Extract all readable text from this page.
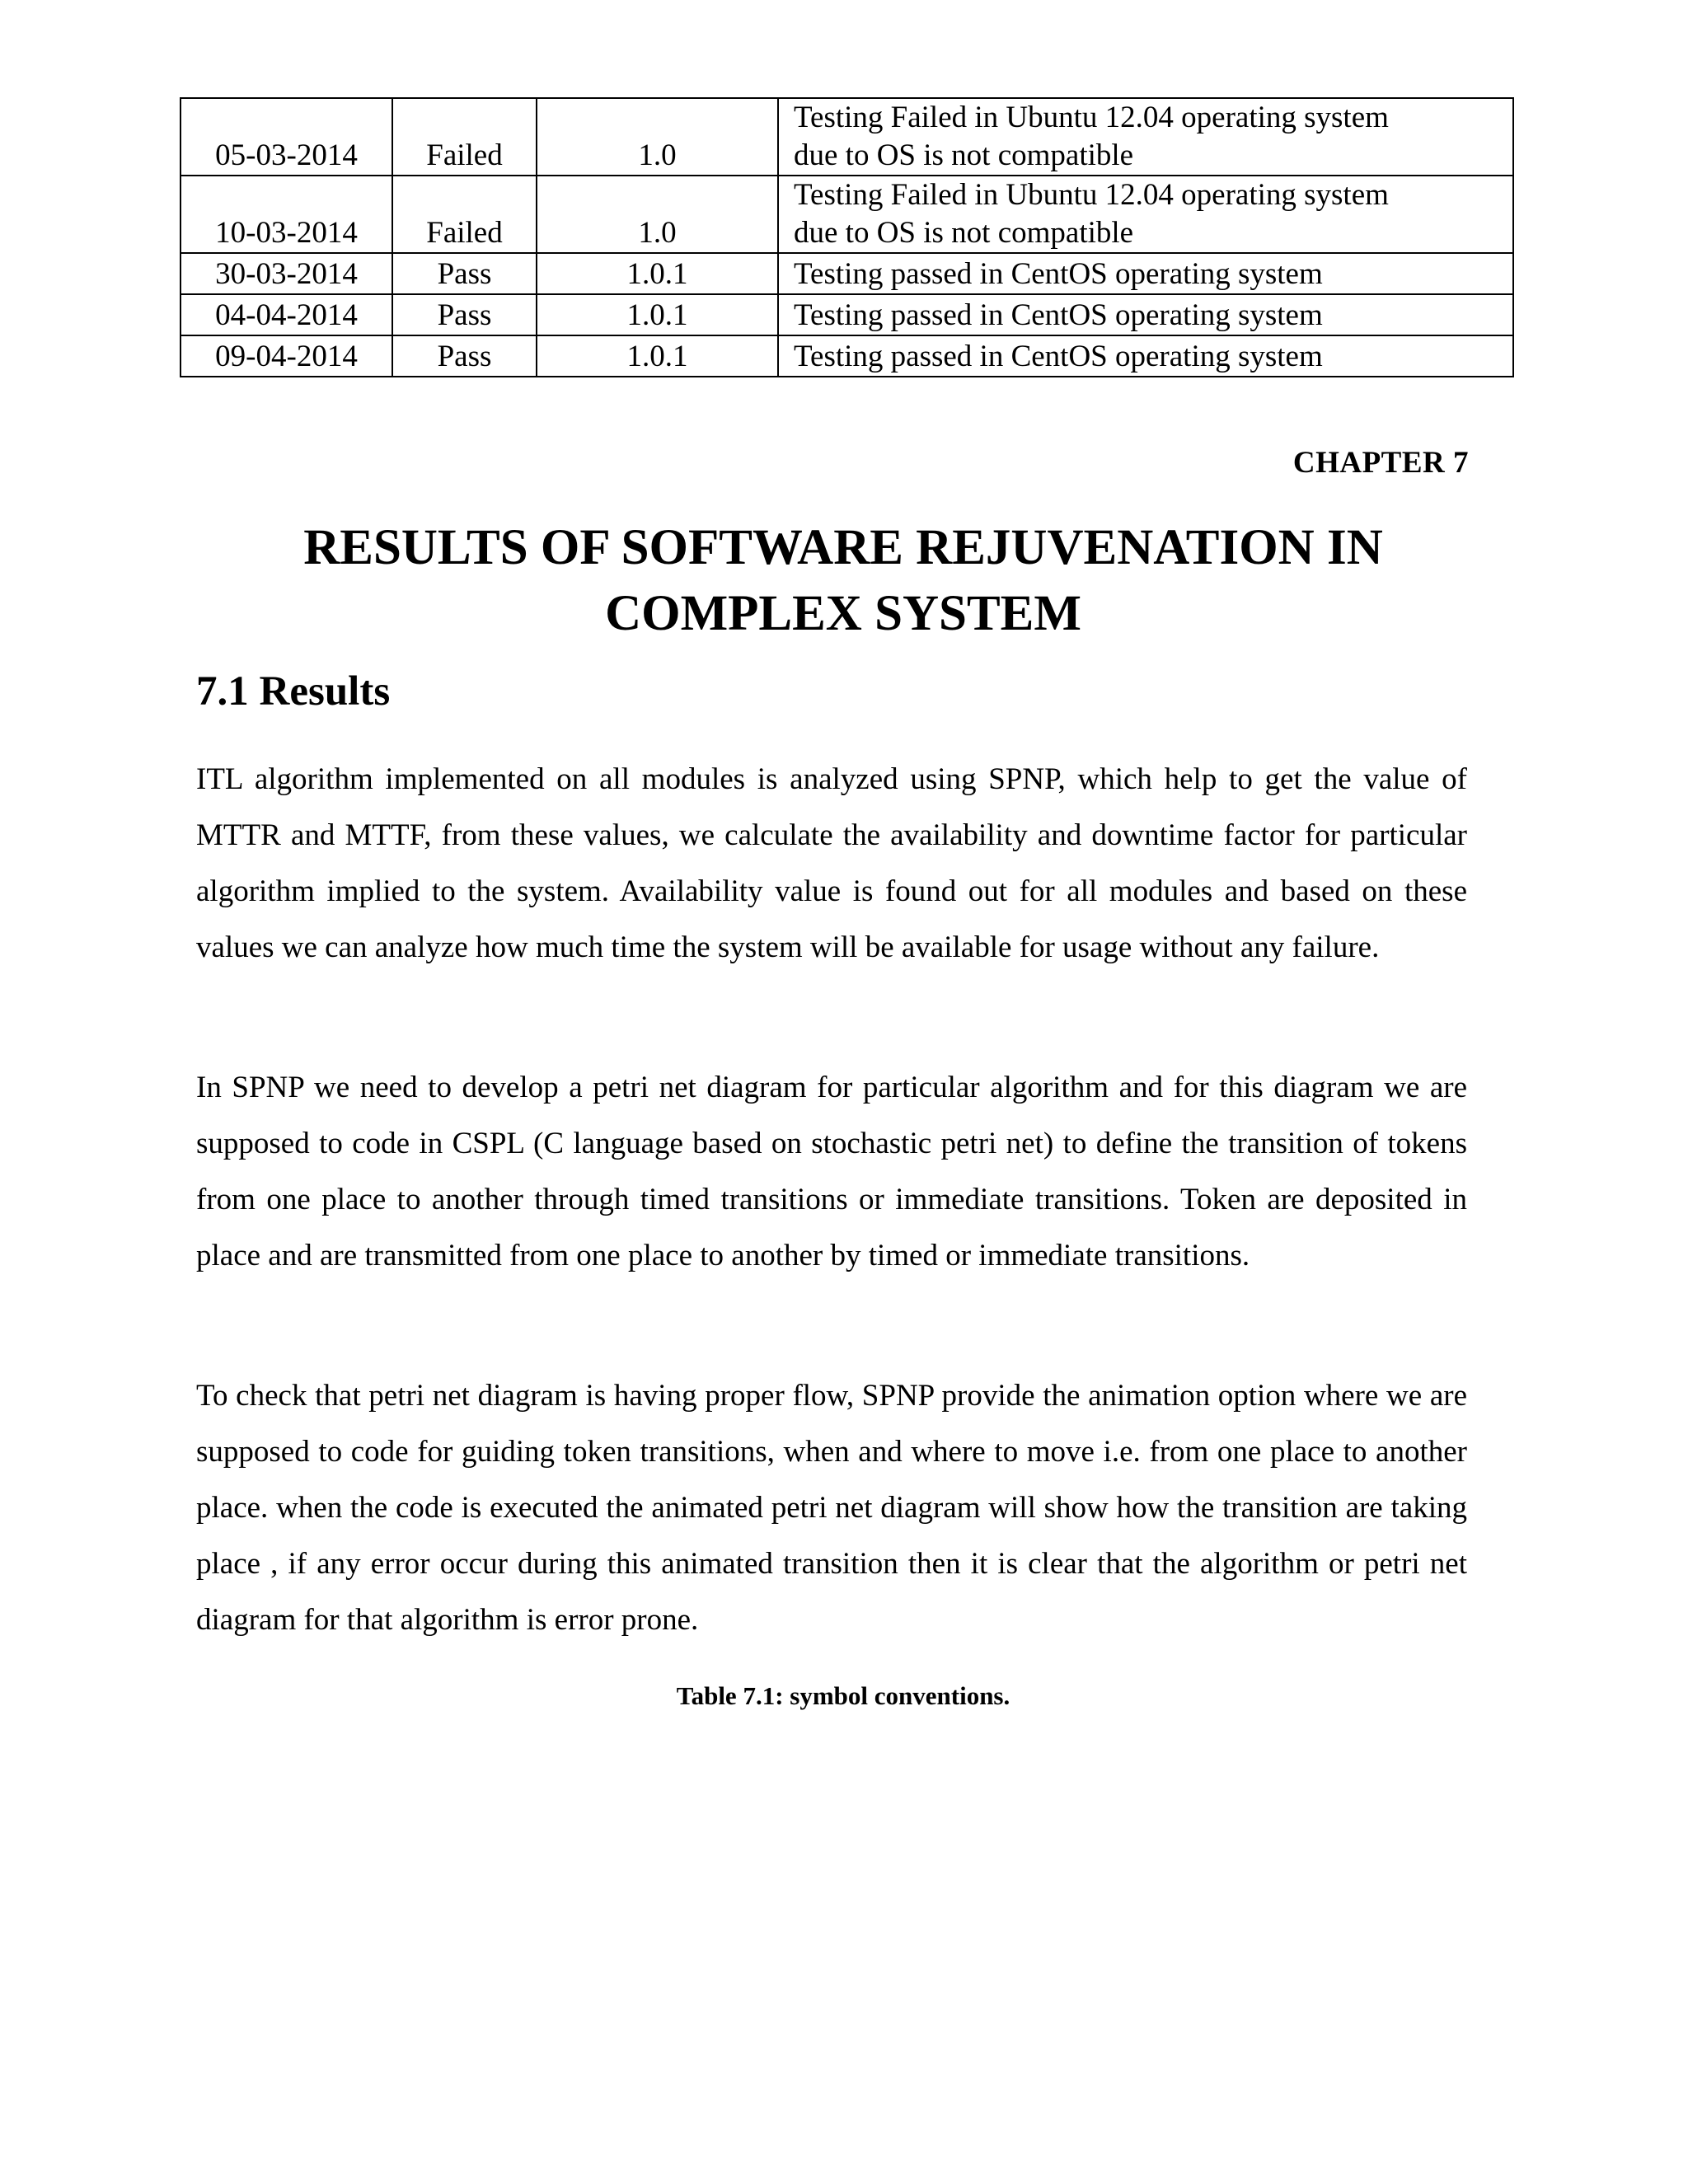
05-03-2014	Failed	1.0	Testing Failed in Ubuntu 12.04 operating system
due to OS is not compatible
10-03-2014	Failed	1.0	Testing Failed in Ubuntu 12.04 operating system
due to OS is not compatible
30-03-2014	Pass	1.0.1	Testing passed in CentOS operating system
04-04-2014	Pass	1.0.1	Testing passed in CentOS operating system
09-04-2014	Pass	1.0.1	Testing passed in CentOS operating system
CHAPTER 7
RESULTS OF SOFTWARE REJUVENATION IN
COMPLEX SYSTEM
7.1 Results

ITL algorithm implemented on all modules is analyzed using SPNP, which help to get the value of MTTR and MTTF, from these values, we calculate the availability and downtime factor for particular algorithm implied to the system. Availability value is found out for all modules and based on these values we can analyze how much time the system will be available for usage without any failure.

In SPNP we need to develop a petri net diagram for particular algorithm and for this diagram we are supposed to code in CSPL (C language based on stochastic petri net) to define the transition of tokens from one place to another through timed transitions or immediate transitions. Token are deposited in place and are transmitted from one place to another by timed or immediate transitions.

To check that petri net diagram is having proper flow, SPNP provide the animation option where we are supposed to code for guiding token transitions, when and where to move i.e. from one place to another place. when the code is executed the animated petri net diagram will show how the transition are taking place , if any error occur during this animated transition then it is clear that the algorithm or petri net diagram for that algorithm is error prone.

Table 7.1: symbol conventions.
